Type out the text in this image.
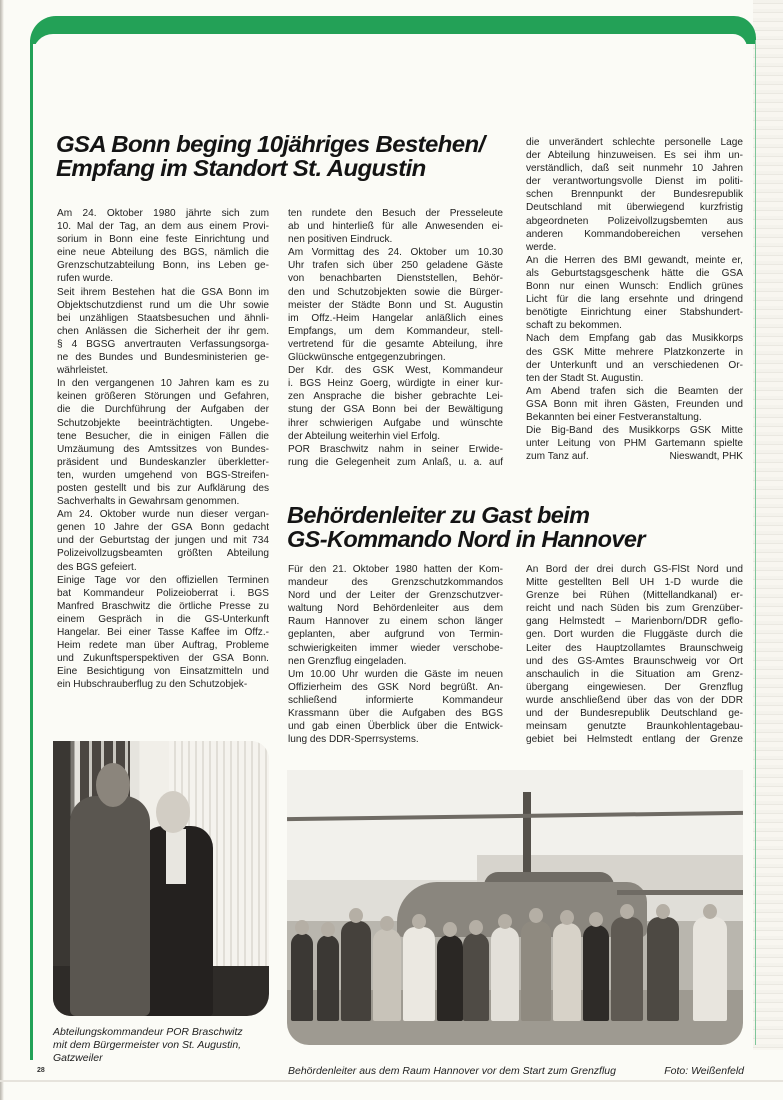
GSA Bonn beging 10jähriges Bestehen/
Empfang im Standort St. Augustin
Am 24. Oktober 1980 jährte sich zum
10. Mal der Tag, an dem aus einem Provi-
sorium in Bonn eine feste Einrichtung und
eine neue Abteilung des BGS, nämlich die
Grenzschutzabteilung Bonn, ins Leben ge-
rufen wurde.
Seit ihrem Bestehen hat die GSA Bonn im
Objektschutzdienst rund um die Uhr sowie
bei unzähligen Staatsbesuchen und ähnli-
chen Anlässen die Sicherheit der ihr gem.
§ 4 BGSG anvertrauten Verfassungsorga-
ne des Bundes und Bundesministerien ge-
währleistet.
In den vergangenen 10 Jahren kam es zu
keinen größeren Störungen und Gefahren,
die die Durchführung der Aufgaben der
Schutzobjekte beeinträchtigten. Ungebe-
tene Besucher, die in einigen Fällen die
Umzäumung des Amtssitzes von Bundes-
präsident und Bundeskanzler überkletter-
ten, wurden umgehend von BGS-Streifen-
posten gestellt und bis zur Aufklärung des
Sachverhalts in Gewahrsam genommen.
Am 24. Oktober wurde nun dieser vergan-
genen 10 Jahre der GSA Bonn gedacht
und der Geburtstag der jungen und mit 734
Polizeivollzugsbeamten größten Abteilung
des BGS gefeiert.
Einige Tage vor den offiziellen Terminen
bat Kommandeur Polizeioberrat i. BGS
Manfred Braschwitz die örtliche Presse zu
einem Gespräch in die GS-Unterkunft
Hangelar. Bei einer Tasse Kaffee im Offz.-
Heim redete man über Auftrag, Probleme
und Zukunftsperspektiven der GSA Bonn.
Eine Besichtigung von Einsatzmitteln und
ein Hubschrauberflug zu den Schutzobjek-
ten rundete den Besuch der Presseleute
ab und hinterließ für alle Anwesenden ei-
nen positiven Eindruck.
Am Vormittag des 24. Oktober um 10.30
Uhr trafen sich über 250 geladene Gäste
von benachbarten Dienststellen, Behör-
den und Schutzobjekten sowie die Bürger-
meister der Städte Bonn und St. Augustin
im Offz.-Heim Hangelar anläßlich eines
Empfangs, um dem Kommandeur, stell-
vertretend für die gesamte Abteilung, ihre
Glückwünsche entgegenzubringen.
Der Kdr. des GSK West, Kommandeur
i. BGS Heinz Goerg, würdigte in einer kur-
zen Ansprache die bisher gebrachte Lei-
stung der GSA Bonn bei der Bewältigung
ihrer schwierigen Aufgabe und wünschte
der Abteilung weiterhin viel Erfolg.
POR Braschwitz nahm in seiner Erwide-
rung die Gelegenheit zum Anlaß, u. a. auf
die unverändert schlechte personelle Lage
der Abteilung hinzuweisen. Es sei ihm un-
verständlich, daß seit nunmehr 10 Jahren
der verantwortungsvolle Dienst im politi-
schen Brennpunkt der Bundesrepublik
Deutschland mit überwiegend kurzfristig
abgeordneten Polizeivollzugsbemten aus
anderen Kommandobereichen versehen
werde.
An die Herren des BMI gewandt, meinte er,
als Geburtstagsgeschenk hätte die GSA
Bonn nur einen Wunsch: Endlich grünes
Licht für die lang ersehnte und dringend
benötigte Einrichtung einer Stabshundert-
schaft zu bekommen.
Nach dem Empfang gab das Musikkorps
des GSK Mitte mehrere Platzkonzerte in
der Unterkunft und an verschiedenen Or-
ten der Stadt St. Augustin.
Am Abend trafen sich die Beamten der
GSA Bonn mit ihren Gästen, Freunden und
Bekannten bei einer Festveranstaltung.
Die Big-Band des Musikkorps GSK Mitte
unter Leitung von PHM Gartemann spielte
zum Tanz auf.	Nieswandt, PHK
Behördenleiter zu Gast beim
GS-Kommando Nord in Hannover
Für den 21. Oktober 1980 hatten der Kom-
mandeur des Grenzschutzkommandos
Nord und der Leiter der Grenzschutzver-
waltung Nord Behördenleiter aus dem
Raum Hannover zu einem schon länger
geplanten, aber aufgrund von Termin-
schwierigkeiten immer wieder verschobe-
nen Grenzflug eingeladen.
Um 10.00 Uhr wurden die Gäste im neuen
Offizierheim des GSK Nord begrüßt. An-
schließend informierte Kommandeur
Krassmann über die Aufgaben des BGS
und gab einen Überblick über die Entwick-
lung des DDR-Sperrsystems.
An Bord der drei durch GS-FlSt Nord und
Mitte gestellten Bell UH 1-D wurde die
Grenze bei Rühen (Mittellandkanal) er-
reicht und nach Süden bis zum Grenzüber-
gang Helmstedt – Marienborn/DDR geflo-
gen. Dort wurden die Fluggäste durch die
Leiter des Hauptzollamtes Braunschweig
und des GS-Amtes Braunschweig vor Ort
anschaulich in die Situation am Grenz-
übergang eingewiesen. Der Grenzflug
wurde anschließend über das von der DDR
und der Bundesrepublik Deutschland ge-
meinsam genutzte Braunkohlentagebau-
gebiet bei Helmstedt entlang der Grenze
Abteilungskommandeur POR Braschwitz
mit dem Bürgermeister von St. Augustin,
Gatzweiler
28	Behördenleiter aus dem Raum Hannover vor dem Start zum Grenzflug	Foto: Weißenfeld
